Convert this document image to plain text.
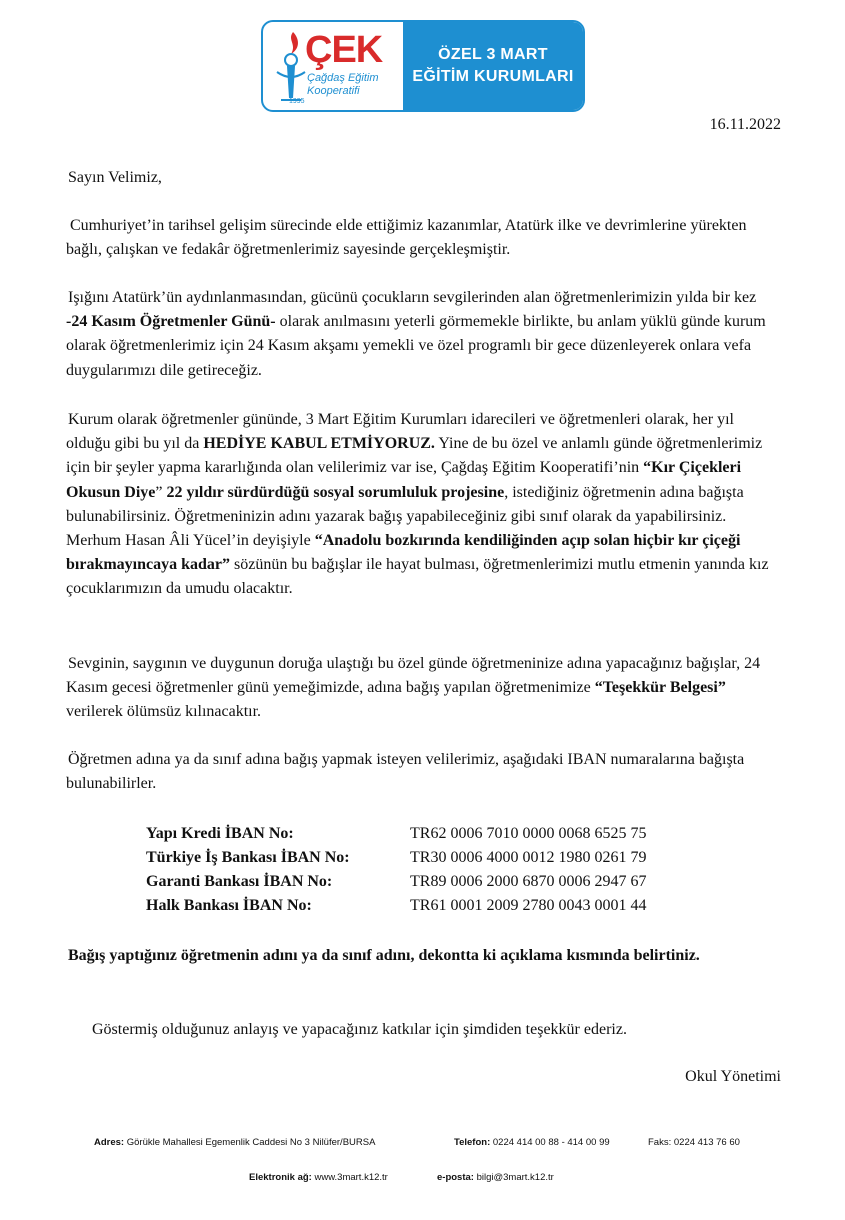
ÇEK
Çağdaş Eğitim
Kooperatifi
1995
ÖZEL 3 MART
EĞİTİM KURUMLARI
16.11.2022
Sayın Velimiz,
Cumhuriyet’in tarihsel gelişim sürecinde elde ettiğimiz kazanımlar, Atatürk ilke ve devrimlerine yürekten bağlı, çalışkan ve fedakâr öğretmenlerimiz sayesinde gerçekleşmiştir.
Işığını Atatürk’ün aydınlanmasından, gücünü çocukların sevgilerinden alan öğretmenlerimizin yılda bir kez -24 Kasım Öğretmenler Günü- olarak anılmasını yeterli görmemekle birlikte, bu anlam yüklü günde kurum olarak öğretmenlerimiz için 24 Kasım akşamı yemekli ve özel programlı bir gece düzenleyerek onlara vefa duygularımızı dile getireceğiz.
Kurum olarak öğretmenler gününde, 3 Mart Eğitim Kurumları idarecileri ve öğretmenleri olarak, her yıl olduğu gibi bu yıl da HEDİYE KABUL ETMİYORUZ. Yine de bu özel ve anlamlı günde öğretmenlerimiz için bir şeyler yapma kararlığında olan velilerimiz var ise, Çağdaş Eğitim Kooperatifi’nin “Kır Çiçekleri Okusun Diye” 22 yıldır sürdürdüğü sosyal sorumluluk projesine, istediğiniz öğretmenin adına bağışta bulunabilirsiniz. Öğretmeninizin adını yazarak bağış yapabileceğiniz gibi sınıf olarak da yapabilirsiniz. Merhum Hasan Âli Yücel’in deyişiyle “Anadolu bozkırında kendiliğinden açıp solan hiçbir kır çiçeği bırakmayıncaya kadar” sözünün bu bağışlar ile hayat bulması, öğretmenlerimizi mutlu etmenin yanında kız çocuklarımızın da umudu olacaktır.
Sevginin, saygının ve duygunun doruğa ulaştığı bu özel günde öğretmeninize adına yapacağınız bağışlar, 24 Kasım gecesi öğretmenler günü yemeğimizde, adına bağış yapılan öğretmenimize “Teşekkür Belgesi” verilerek ölümsüz kılınacaktır.
Öğretmen adına ya da sınıf adına bağış yapmak isteyen velilerimiz, aşağıdaki IBAN numaralarına bağışta bulunabilirler.
Yapı Kredi İBAN No:	TR62 0006 7010 0000 0068 6525 75
Türkiye İş Bankası İBAN No:	TR30 0006 4000 0012 1980 0261 79
Garanti Bankası İBAN No:	TR89 0006 2000 6870 0006 2947 67
Halk Bankası İBAN No:	TR61 0001 2009 2780 0043 0001 44
Bağış yaptığınız öğretmenin adını ya da sınıf adını, dekontta ki açıklama kısmında belirtiniz.
Göstermiş olduğunuz anlayış ve yapacağınız katkılar için şimdiden teşekkür ederiz.
Okul Yönetimi
Adres: Görükle Mahallesi Egemenlik Caddesi No 3 Nilüfer/BURSA	Telefon: 0224 414 00 88 - 414 00 99	Faks: 0224 413 76 60
Elektronik ağ: www.3mart.k12.tr	e-posta: bilgi@3mart.k12.tr
